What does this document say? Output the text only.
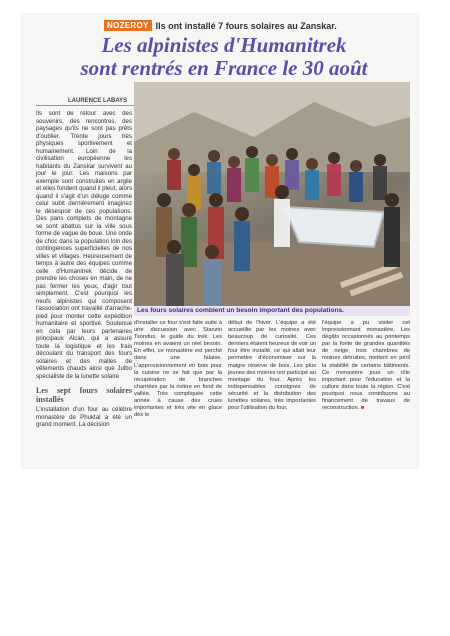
NOZEROY Ils ont installé 7 fours solaires au Zanskar.
Les alpinistes d'Humanitrek
sont rentrés en France le 30 août
LAURENCE LABAYS

Ils sont de retour avec des souvenirs, des rencontres, des paysages qu'ils ne sont pas prêts d'oublier. Trente jours très physiques sportivement et humainement. Loin de la civilisation européenne les habitants du Zanskar survivent au jour le jour. Les maisons par exemple sont construites en argile et elles fondent quand il pleut, alors quand il s'agit d'un déluge comme celui subit dernièrement imaginez le désespoir de ces populations. Des pans complets de montagne se sont abattus sur la ville sous forme de vague de boue. Une onde de choc dans la population loin des contingences superficielles de nos villes et villages. Heureusement de temps à autre des équipes comme celle d'Humanitrek décide de prendre les choses en main, de ne pas fermer les yeux, d'agir tout simplement. C'est pourquoi les neufs alpinistes qui composent l'association ont travaillé d'arrache-pied pour monter cette expédition humanitaire et sportive. Soutenue en cela par leurs partenaires principaux Alcan, qui a assuré toute la logistique et les frais découlant du transport des fours solaires et des malles de vêtements chauds ainsi que Julbo spécialiste de la lunette solaire

Les sept fours solaires installés

L'installation d'un four au célèbre monastère de Phuktal a été un grand moment. La décision

Les fours solaires comblent un besoin important des populations.

d'installer ce four s'est faite suite à une discussion avec Stanzin Tsondus, le guide du trek. Les moines en avaient un réel besoin. En effet, ce monastère est perché dans une falaise. L'approvisionnement en bois pour la cuisine ne se fait que par la récupération de branches charriées par la rivière en fond de vallée. Très compliquée cette année à cause des crues importantes et très vite en glace dès le

début de l'hiver. L'équipe a été accueillie par les moines avec beaucoup de curiosité. Ces derniers étaient heureux de voir un four être installé, ce qui allait leur permettre d'économiser sur la maigre réserve de bois. Les plus jeunes des moines ont participé au montage du four. Après les indispensables consignes de sécurité et la distribution des lunettes solaires, très importantes pour l'utilisation du four,

l'équipe a pu visiter cet impressionnant monastère. Les dégâts occasionnés au printemps par la fonte de grandes quantités de neige, trois chambres de moines détruites, mettent en péril la stabilité de certains bâtiments. Ce monastère joue un rôle important pour l'éducation et la culture dans toute la région. C'est pourquoi nous contribuons au financement de travaux de reconstruction. ■
